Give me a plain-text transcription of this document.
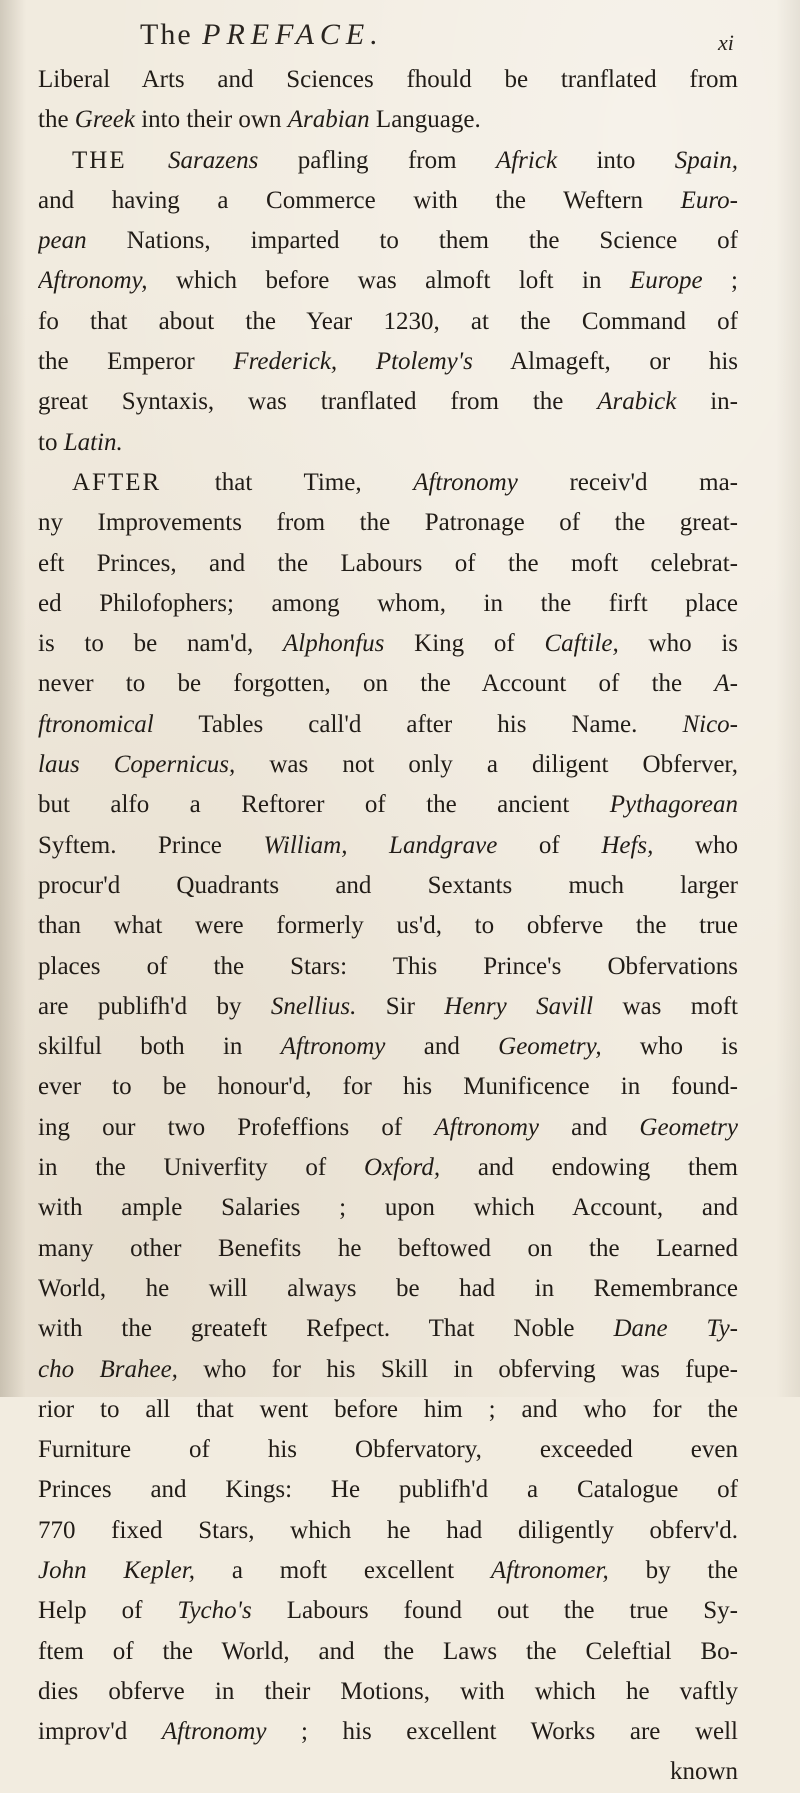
The PREFACE.	xi
Liberal Arts and Sciences fhould be tranflated from
the Greek into their own Arabian Language.
THE Sarazens pafling from Africk into Spain,
and having a Commerce with the Weftern Euro-
pean Nations, imparted to them the Science of
Aftronomy, which before was almoft loft in Europe ;
fo that about the Year 1230, at the Command of
the Emperor Frederick, Ptolemy's Almageft, or his
great Syntaxis, was tranflated from the Arabick in-
to Latin.
AFTER that Time, Aftronomy receiv'd ma-
ny Improvements from the Patronage of the great-
eft Princes, and the Labours of the moft celebrat-
ed Philofophers; among whom, in the firft place
is to be nam'd, Alphonfus King of Caftile, who is
never to be forgotten, on the Account of the A-
ftronomical Tables call'd after his Name. Nico-
laus Copernicus, was not only a diligent Obferver,
but alfo a Reftorer of the ancient Pythagorean
Syftem. Prince William, Landgrave of Hefs, who
procur'd Quadrants and Sextants much larger
than what were formerly us'd, to obferve the true
places of the Stars: This Prince's Obfervations
are publifh'd by Snellius. Sir Henry Savill was moft
skilful both in Aftronomy and Geometry, who is
ever to be honour'd, for his Munificence in found-
ing our two Profeffions of Aftronomy and Geometry
in the Univerfity of Oxford, and endowing them
with ample Salaries ; upon which Account, and
many other Benefits he beftowed on the Learned
World, he will always be had in Remembrance
with the greateft Refpect. That Noble Dane Ty-
cho Brahee, who for his Skill in obferving was fupe-
rior to all that went before him ; and who for the
Furniture of his Obfervatory, exceeded even
Princes and Kings: He publifh'd a Catalogue of
770 fixed Stars, which he had diligently obferv'd.
John Kepler, a moft excellent Aftronomer, by the
Help of Tycho's Labours found out the true Sy-
ftem of the World, and the Laws the Celeftial Bo-
dies obferve in their Motions, with which he vaftly
improv'd Aftronomy ; his excellent Works are well
known
